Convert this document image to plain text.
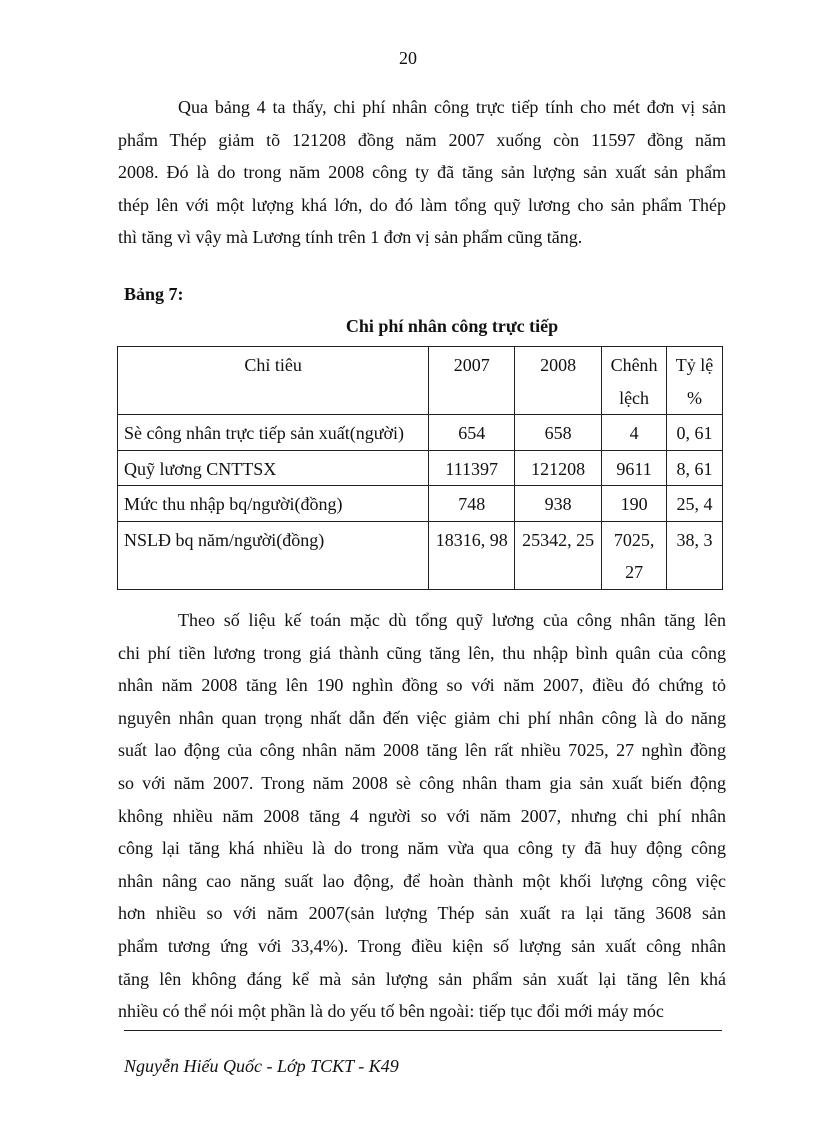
20

Qua bảng 4 ta thấy, chi phí nhân công trực tiếp tính cho mét đơn vị sản
phẩm Thép giảm tõ 121208 đồng năm 2007 xuống còn 11597 đồng năm
2008. Đó là do trong năm 2008 công ty đã tăng sản lượng sản xuất sản phẩm
thép lên với một lượng khá lớn, do đó làm tổng quỹ lương cho sản phẩm Thép
thì tăng vì vậy mà Lương tính trên 1 đơn vị sản phẩm cũng tăng.

Bảng 7:
Chi phí nhân công trực tiếp
Chỉ tiêu	2007	2008	Chênh lệch	Tỷ lệ %
Sè công nhân trực tiếp sản xuất(người)	654	658	4	0, 61
Quỹ lương CNTTSX	111397	121208	9611	8, 61
Mức thu nhập bq/người(đồng)	748	938	190	25, 4
NSLĐ bq năm/người(đồng)	18316, 98	25342, 25	7025, 27	38, 3

Theo số liệu kế toán mặc dù tổng quỹ lương của công nhân tăng lên
chi phí tiền lương trong giá thành cũng tăng lên, thu nhập bình quân của công
nhân năm 2008 tăng lên 190 nghìn đồng so với năm 2007, điều đó chứng tỏ
nguyên nhân quan trọng nhất dẫn đến việc giảm chi phí nhân công là do năng
suất lao động của công nhân năm 2008 tăng lên rất nhiều 7025, 27 nghìn đồng
so với năm 2007. Trong năm 2008 sè công nhân tham gia sản xuất biến động
không nhiều năm 2008 tăng 4 người so với năm 2007, nhưng chi phí nhân
công lại tăng khá nhiều là do trong năm vừa qua công ty đã huy động công
nhân nâng cao năng suất lao động, để hoàn thành một khối lượng công việc
hơn nhiều so với năm 2007(sản lượng Thép sản xuất ra lại tăng 3608 sản
phẩm tương ứng với 33,4%). Trong điều kiện số lượng sản xuất công nhân
tăng lên không đáng kể mà sản lượng sản phẩm sản xuất lại tăng lên khá
nhiều có thể nói một phần là do yếu tố bên ngoài: tiếp tục đổi mới máy móc

Nguyễn Hiếu Quốc - Lớp TCKT - K49
